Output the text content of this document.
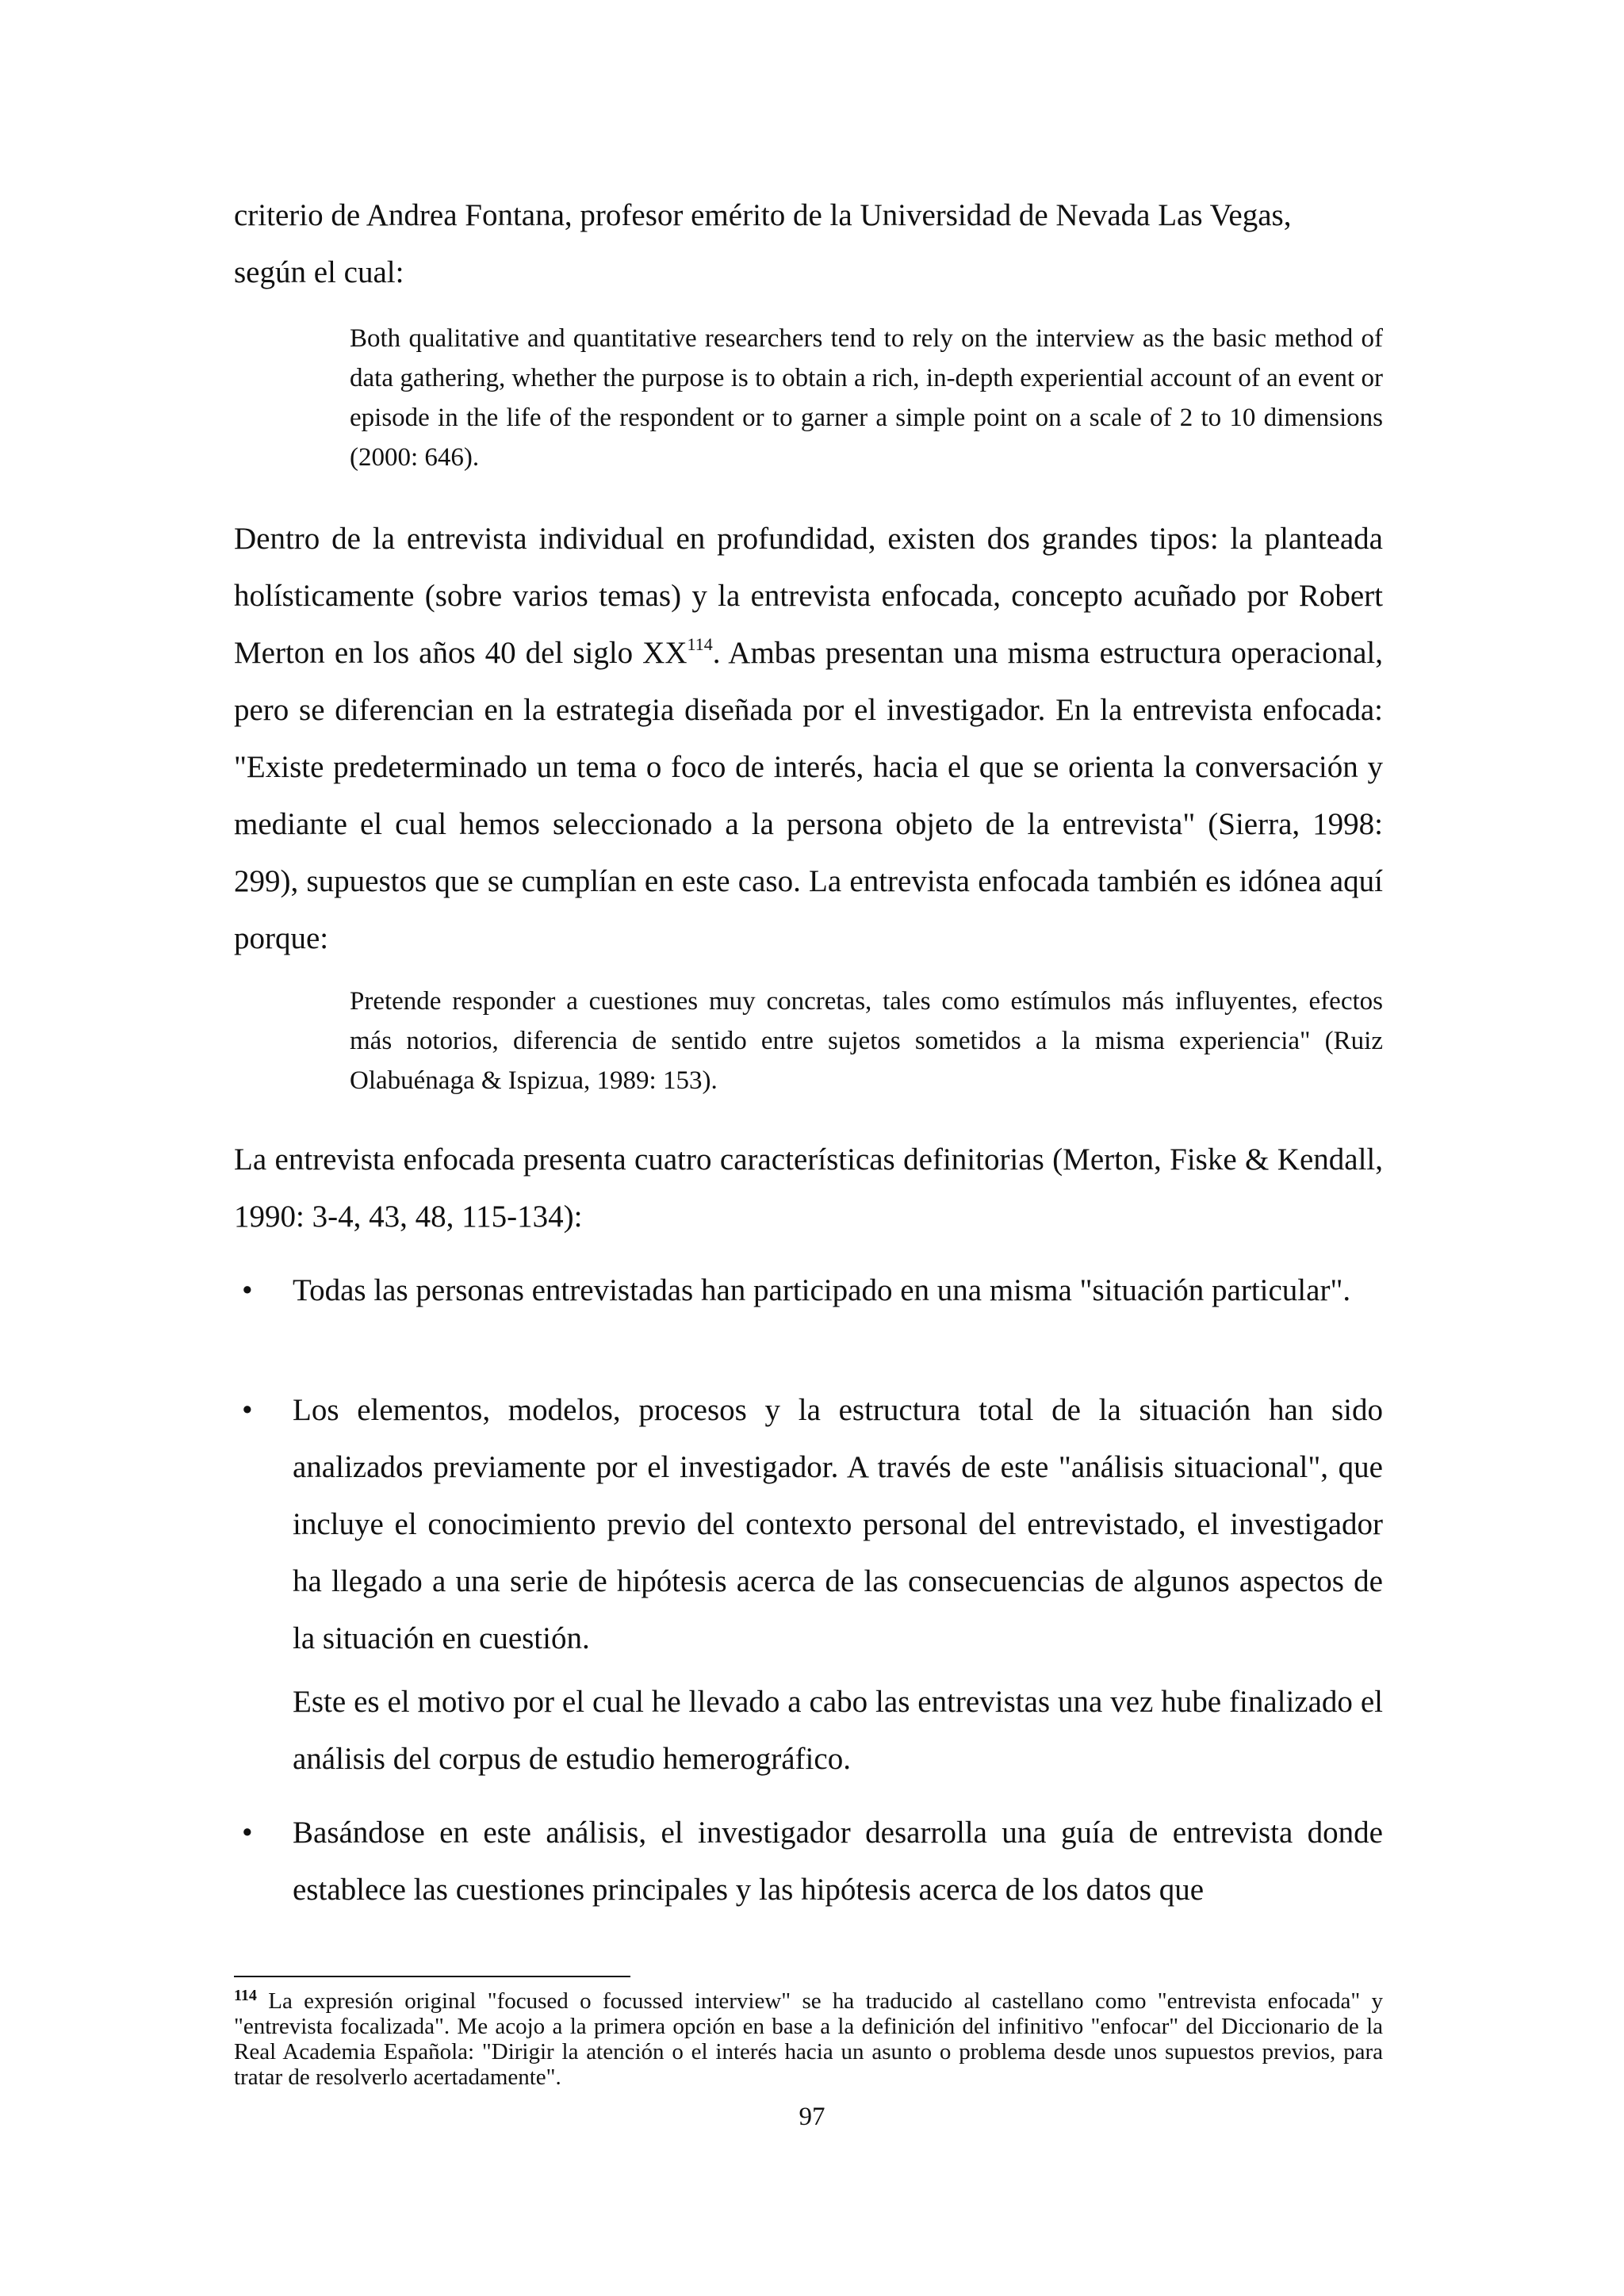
criterio de Andrea Fontana, profesor emérito de la Universidad de Nevada Las Vegas,
según el cual:

Both qualitative and quantitative researchers tend to rely on the interview as the basic method of data gathering, whether the purpose is to obtain a rich, in-depth experiential account of an event or episode in the life of the respondent or to garner a simple point on a scale of 2 to 10 dimensions (2000: 646).

Dentro de la entrevista individual en profundidad, existen dos grandes tipos: la planteada holísticamente (sobre varios temas) y la entrevista enfocada, concepto acuñado por Robert Merton en los años 40 del siglo XX$^{114}$. Ambas presentan una misma estructura operacional, pero se diferencian en la estrategia diseñada por el investigador. En la entrevista enfocada: "Existe predeterminado un tema o foco de interés, hacia el que se orienta la conversación y mediante el cual hemos seleccionado a la persona objeto de la entrevista" (Sierra, 1998: 299), supuestos que se cumplían en este caso. La entrevista enfocada también es idónea aquí porque:

Pretende responder a cuestiones muy concretas, tales como estímulos más influyentes, efectos más notorios, diferencia de sentido entre sujetos sometidos a la misma experiencia" (Ruiz Olabuénaga & Ispizua, 1989: 153).

La entrevista enfocada presenta cuatro características definitorias (Merton, Fiske & Kendall, 1990: 3-4, 43, 48, 115-134):

• Todas las personas entrevistadas han participado en una misma "situación particular".

• Los elementos, modelos, procesos y la estructura total de la situación han sido analizados previamente por el investigador. A través de este "análisis situacional", que incluye el conocimiento previo del contexto personal del entrevistado, el investigador ha llegado a una serie de hipótesis acerca de las consecuencias de algunos aspectos de la situación en cuestión.

Este es el motivo por el cual he llevado a cabo las entrevistas una vez hube finalizado el análisis del corpus de estudio hemerográfico.

• Basándose en este análisis, el investigador desarrolla una guía de entrevista donde establece las cuestiones principales y las hipótesis acerca de los datos que

$^{114}$ La expresión original "focused o focussed interview" se ha traducido al castellano como "entrevista enfocada" y "entrevista focalizada". Me acojo a la primera opción en base a la definición del infinitivo "enfocar" del Diccionario de la Real Academia Española: "Dirigir la atención o el interés hacia un asunto o problema desde unos supuestos previos, para tratar de resolverlo acertadamente".

97
